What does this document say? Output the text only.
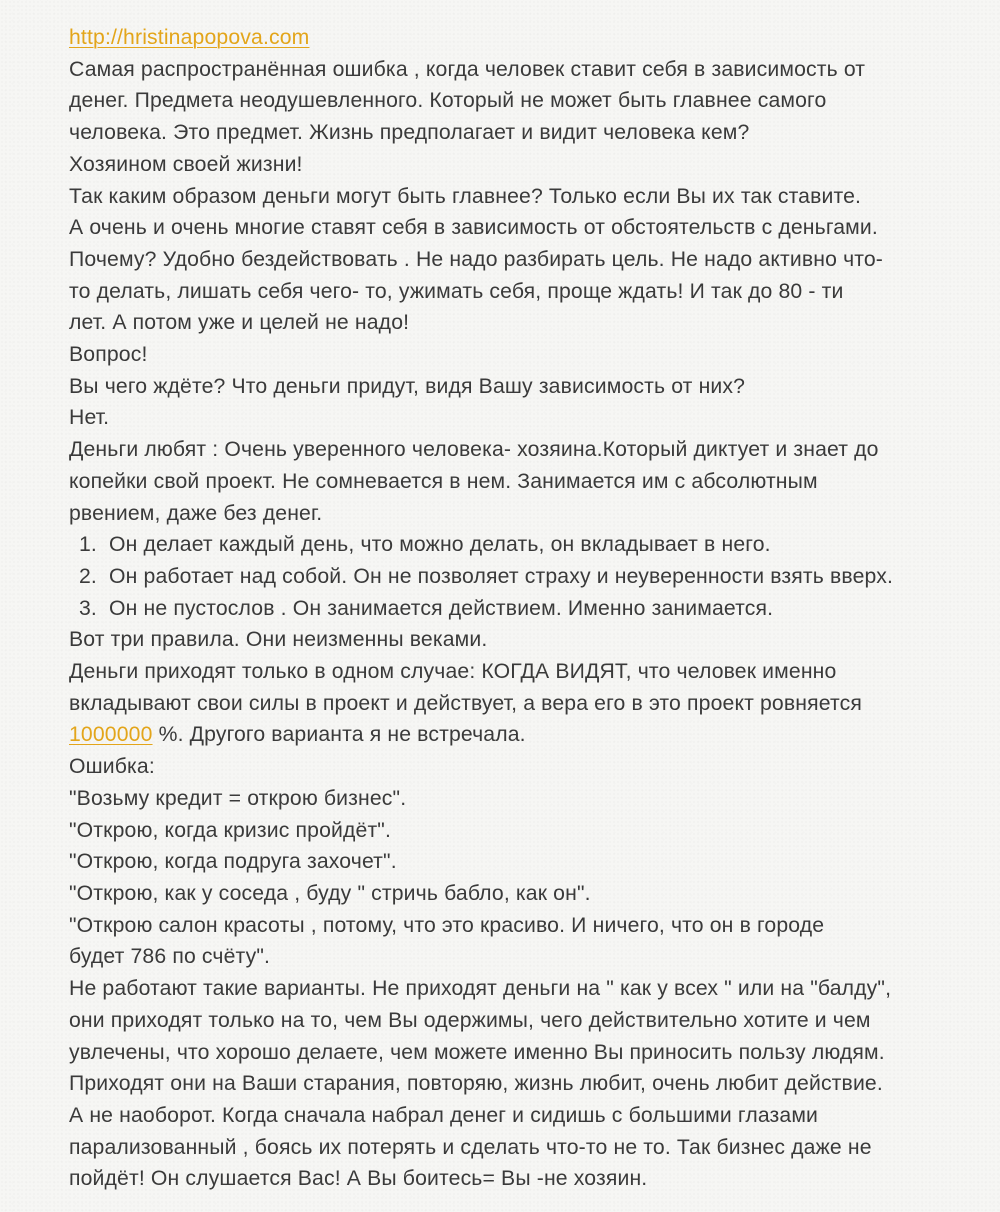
http://hristinapopova.com
Самая распространённая ошибка , когда человек ставит себя в зависимость от
денег. Предмета неодушевленного. Который не может быть главнее самого
человека. Это предмет. Жизнь предполагает и видит человека кем?
Хозяином своей жизни!
Так каким образом деньги могут быть главнее? Только если Вы их так ставите.
А очень и очень многие ставят себя в зависимость от обстоятельств с деньгами.
Почему? Удобно бездействовать . Не надо разбирать цель. Не надо активно что-
то делать, лишать себя чего- то, ужимать себя, проще ждать! И так до 80 - ти
лет. А потом уже и целей не надо!
Вопрос!
Вы чего ждёте? Что деньги придут, видя Вашу зависимость от них?
Нет.
Деньги любят : Очень уверенного человека- хозяина.Который диктует и знает до
копейки свой проект. Не сомневается в нем. Занимается им с абсолютным
рвением, даже без денег.
1. Он делает каждый день, что можно делать, он вкладывает в него.
2. Он работает над собой. Он не позволяет страху и неуверенности взять вверх.
3. Он не пустослов . Он занимается действием. Именно занимается.
Вот три правила. Они неизменны веками.
Деньги приходят только в одном случае: КОГДА ВИДЯТ, что человек именно
вкладывают свои силы в проект и действует, а вера его в это проект ровняется
1000000 %. Другого варианта я не встречала.
Ошибка:
"Возьму кредит = открою бизнес".
"Открою, когда кризис пройдёт".
"Открою, когда подруга захочет".
"Открою, как у соседа , буду " стричь бабло, как он".
"Открою салон красоты , потому, что это красиво. И ничего, что он в городе
будет 786 по счёту".
Не работают такие варианты. Не приходят деньги на " как у всех " или на "балду",
они приходят только на то, чем Вы одержимы, чего действительно хотите и чем
увлечены, что хорошо делаете, чем можете именно Вы приносить пользу людям.
Приходят они на Ваши старания, повторяю, жизнь любит, очень любит действие.
А не наоборот. Когда сначала набрал денег и сидишь с большими глазами
парализованный , боясь их потерять и сделать что-то не то. Так бизнес даже не
пойдёт! Он слушается Вас! А Вы боитесь= Вы -не хозяин.
